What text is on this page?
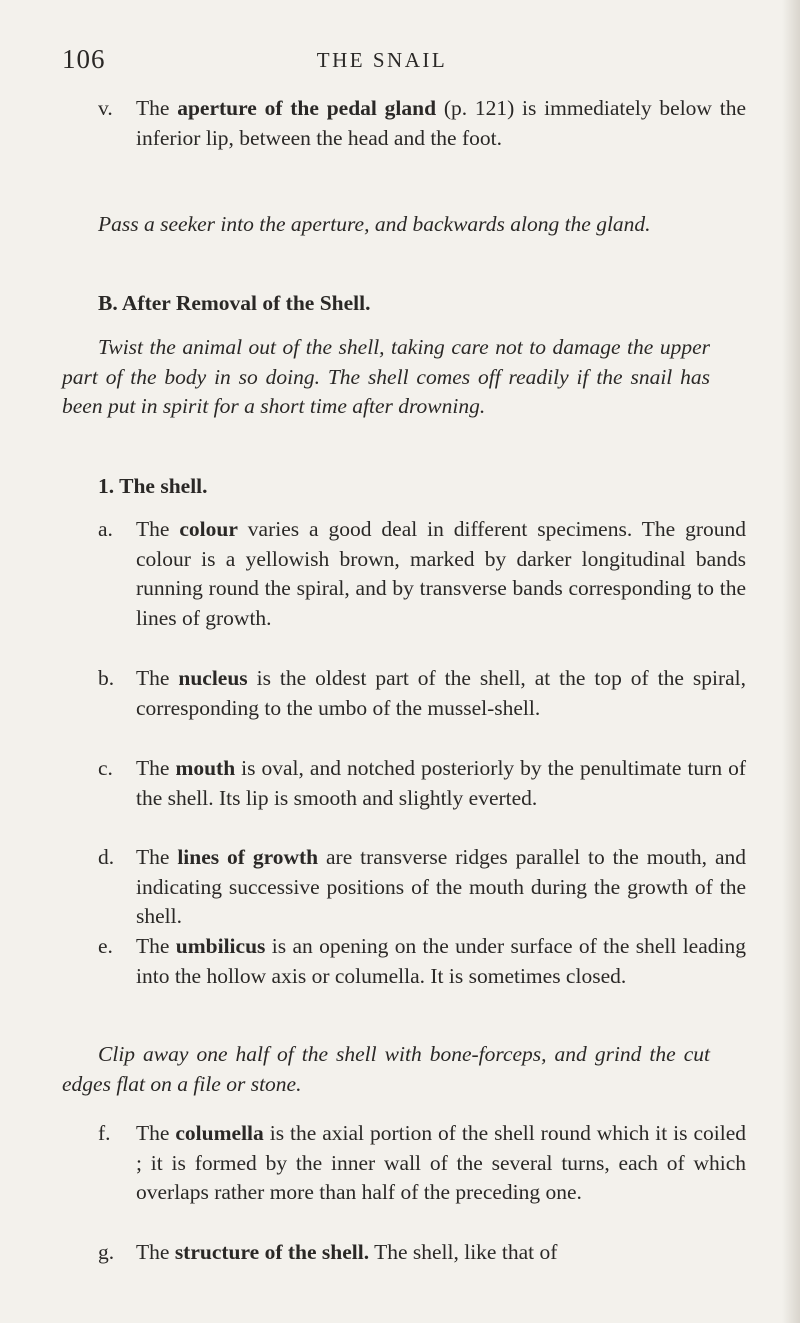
106	THE SNAIL

v. The aperture of the pedal gland (p. 121) is immediately below the inferior lip, between the head and the foot.

Pass a seeker into the aperture, and backwards along the gland.

B. After Removal of the Shell.

Twist the animal out of the shell, taking care not to damage the upper part of the body in so doing. The shell comes off readily if the snail has been put in spirit for a short time after drowning.

1. The shell.

a. The colour varies a good deal in different specimens. The ground colour is a yellowish brown, marked by darker longitudinal bands running round the spiral, and by transverse bands corresponding to the lines of growth.

b. The nucleus is the oldest part of the shell, at the top of the spiral, corresponding to the umbo of the mussel-shell.

c. The mouth is oval, and notched posteriorly by the penultimate turn of the shell. Its lip is smooth and slightly everted.

d. The lines of growth are transverse ridges parallel to the mouth, and indicating successive positions of the mouth during the growth of the shell.

e. The umbilicus is an opening on the under surface of the shell leading into the hollow axis or columella. It is sometimes closed.

Clip away one half of the shell with bone-forceps, and grind the cut edges flat on a file or stone.

f. The columella is the axial portion of the shell round which it is coiled ; it is formed by the inner wall of the several turns, each of which overlaps rather more than half of the preceding one.

g. The structure of the shell. The shell, like that of
